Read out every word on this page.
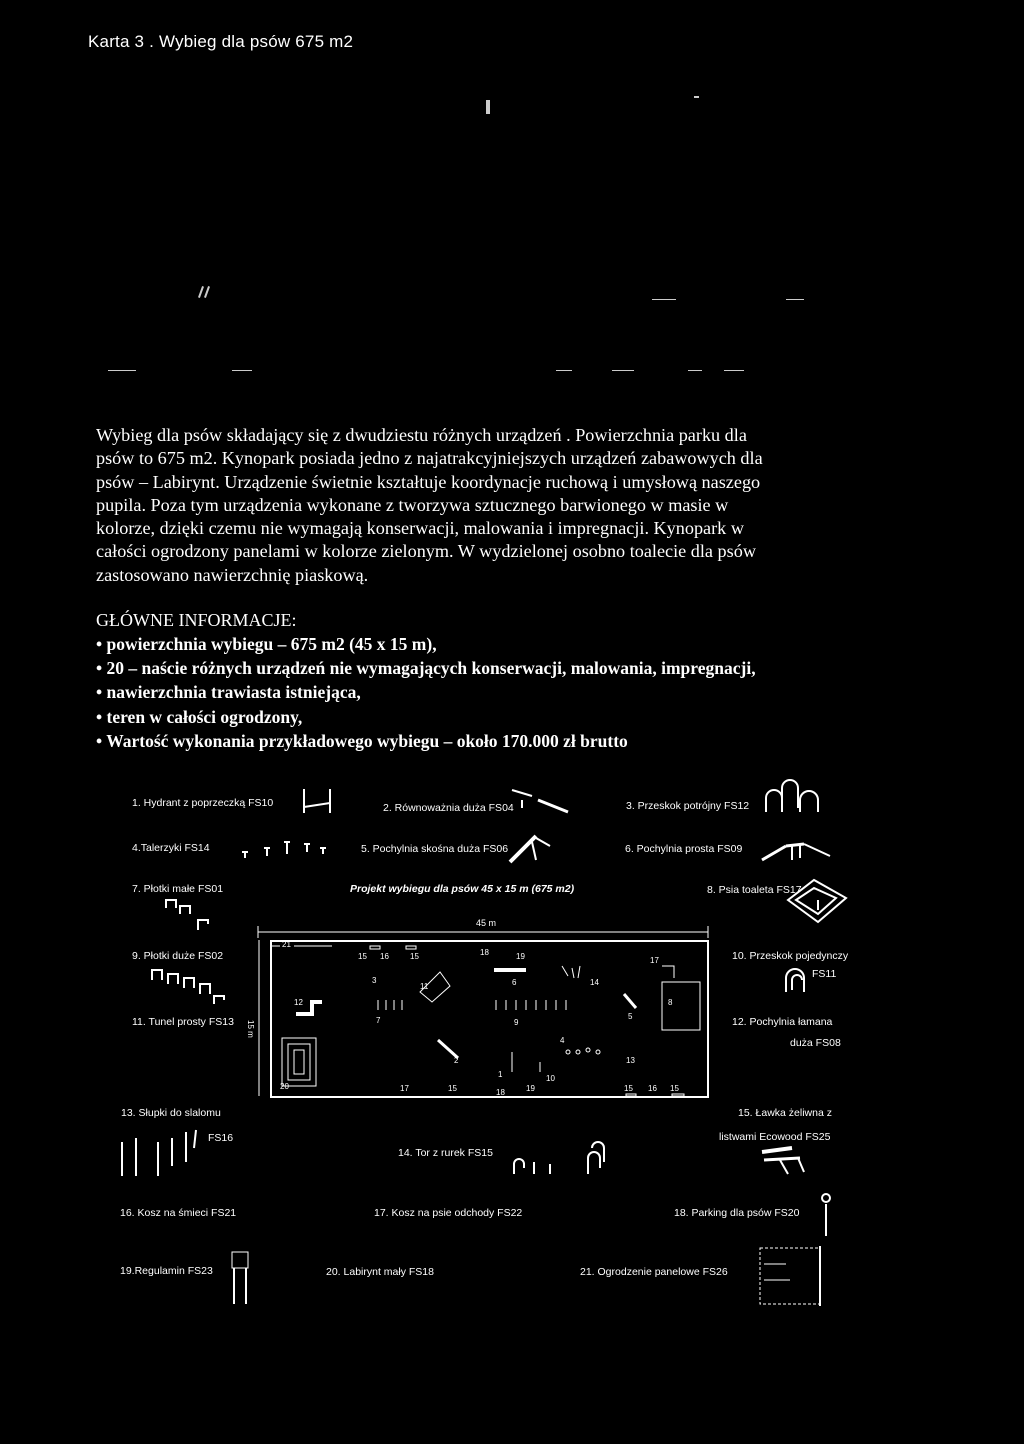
Karta 3 . Wybieg dla psów 675 m2
Wybieg dla psów składający się z dwudziestu różnych urządzeń . Powierzchnia parku dla
psów to 675 m2. Kynopark posiada jedno z najatrakcyjniejszych urządzeń zabawowych dla
psów – Labirynt. Urządzenie świetnie kształtuje koordynacje ruchową i umysłową naszego
pupila. Poza tym urządzenia wykonane z tworzywa sztucznego barwionego w masie w
kolorze, dzięki czemu nie wymagają konserwacji, malowania i impregnacji. Kynopark w
całości ogrodzony panelami w kolorze zielonym. W wydzielonej osobno toalecie dla psów
zastosowano nawierzchnię piaskową.
GŁÓWNE INFORMACJE:
• powierzchnia wybiegu – 675 m2 (45 x 15 m),
• 20 – naście różnych urządzeń nie wymagających konserwacji, malowania, impregnacji,
• nawierzchnia trawiasta istniejąca,
• teren w całości ogrodzony,
• Wartość wykonania przykładowego wybiegu – około 170.000 zł brutto
1. Hydrant z poprzeczką FS10	2. Równoważnia duża FS04	3. Przeskok potrójny FS12
4.Talerzyki FS14	5. Pochylnia skośna duża FS06	6. Pochylnia prosta FS09
7. Płotki małe FS01	Projekt wybiegu dla psów 45 x 15 m (675 m2)	8. Psia toaleta FS17
45 m
15 m
21
15 16	15	18	19	17
3
11	6	14
8
12
7	9
5
4
2	13
1	10
20	17	15	19
18	15 16 15
9. Płotki duże FS02	10. Przeskok pojedynczy
FS11
11. Tunel prosty FS13	12. Pochylnia łamana
duża FS08
13. Słupki do slalomu
FS16
14. Tor z rurek FS15
15. Ławka żeliwna z
listwami Ecowood FS25
16. Kosz na śmieci FS21	17. Kosz na psie odchody FS22	18. Parking dla psów FS20
19.Regulamin FS23	20. Labirynt mały FS18	21. Ogrodzenie panelowe FS26
